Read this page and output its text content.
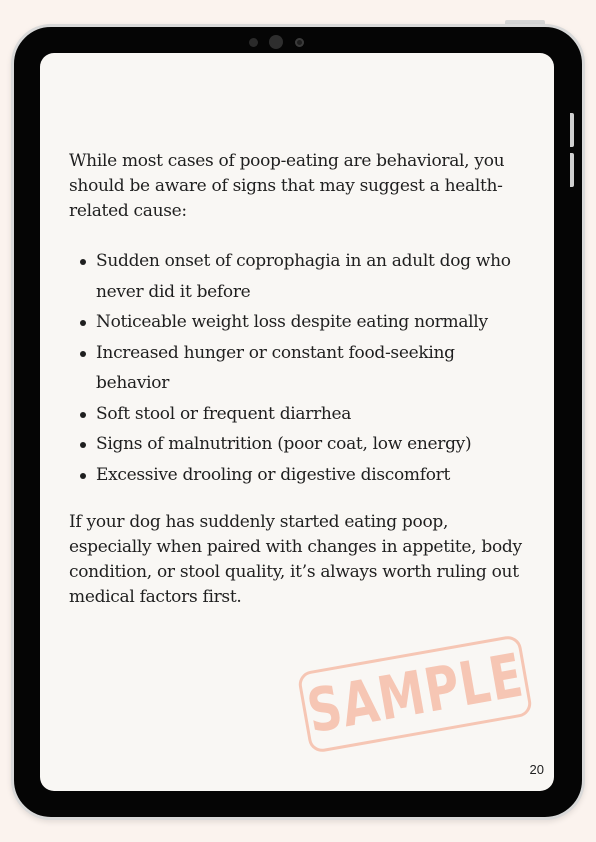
While most cases of poop-eating are behavioral, you should be aware of signs that may suggest a health-related cause:

Sudden onset of coprophagia in an adult dog who never did it before
Noticeable weight loss despite eating normally
Increased hunger or constant food-seeking behavior
Soft stool or frequent diarrhea
Signs of malnutrition (poor coat, low energy)
Excessive drooling or digestive discomfort

If your dog has suddenly started eating poop, especially when paired with changes in appetite, body condition, or stool quality, it’s always worth ruling out medical factors first.

SAMPLE
20
